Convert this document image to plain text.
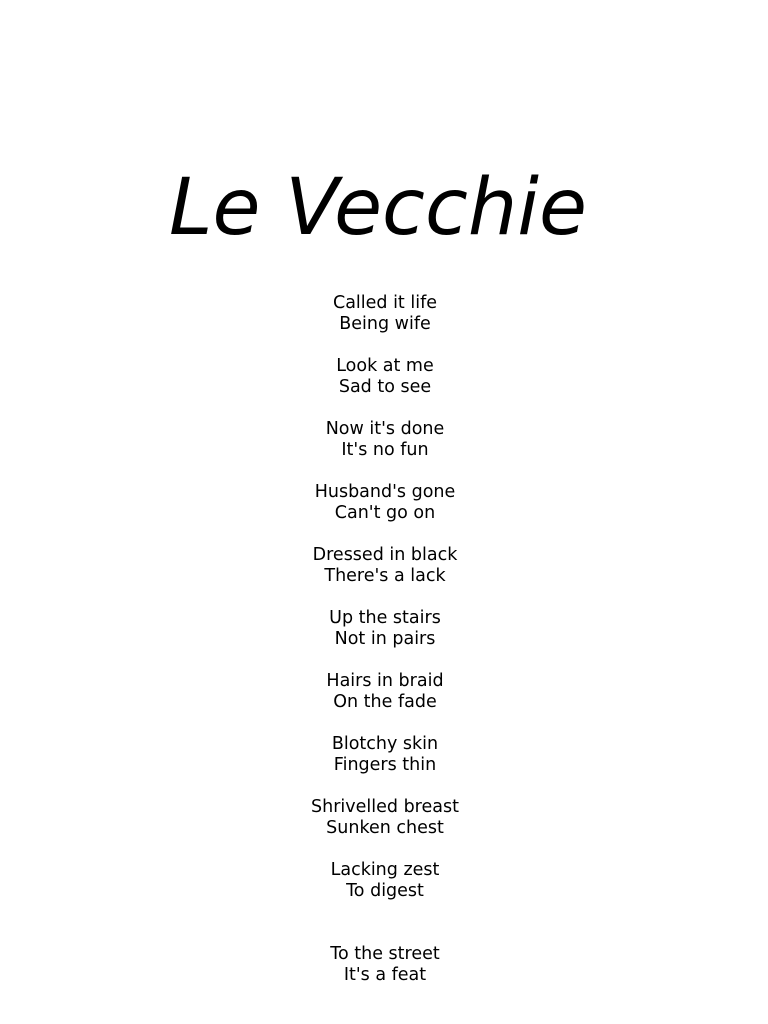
Le Vecchie
Called it life
Being wife
Look at me
Sad to see
Now it's done
It's no fun
Husband's gone
Can't go on
Dressed in black
There's a lack
Up the stairs
Not in pairs
Hairs in braid
On the fade
Blotchy skin
Fingers thin
Shrivelled breast
Sunken chest
Lacking zest
To digest
To the street
It's a feat
